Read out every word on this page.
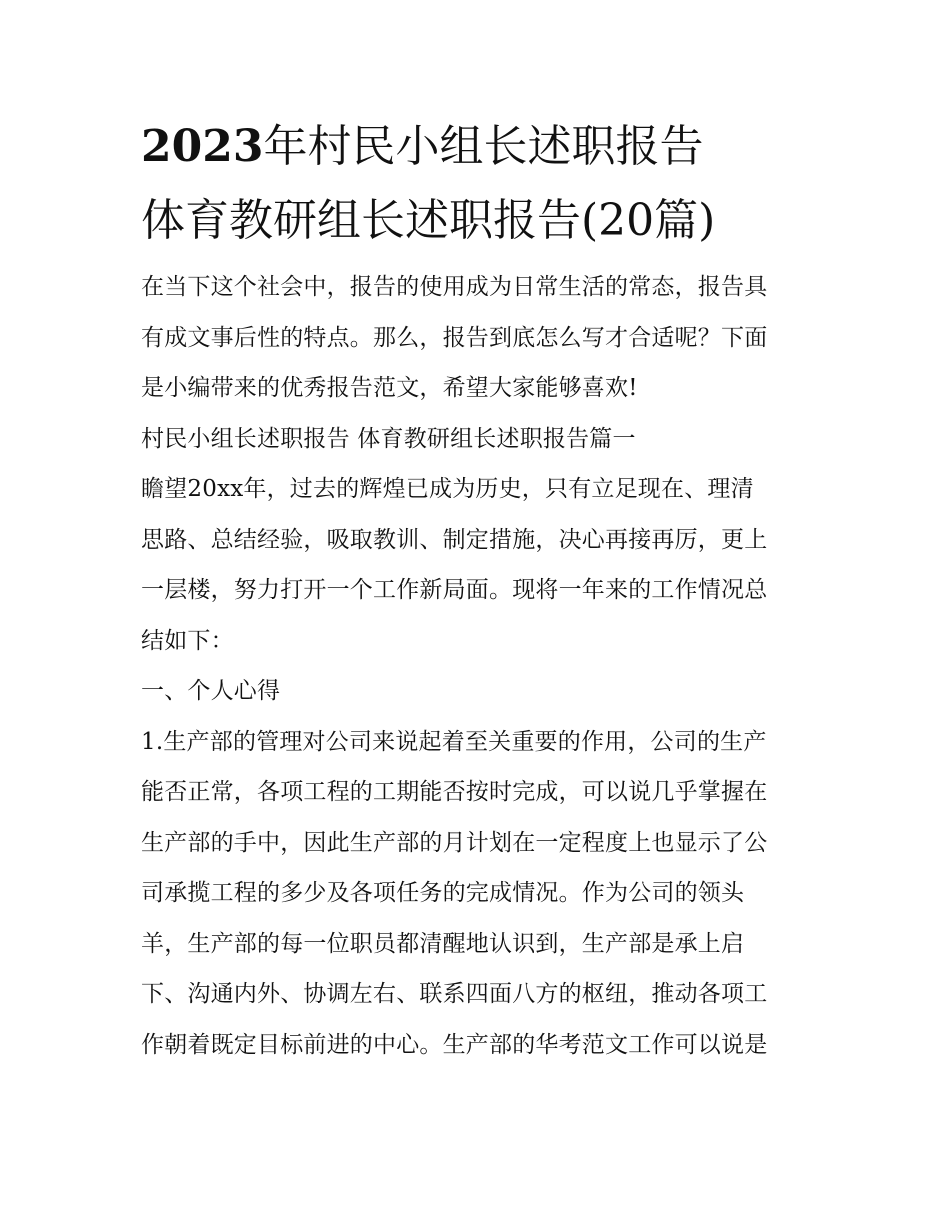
2023年村民小组长述职报告
体育教研组长述职报告(20篇)

在当下这个社会中，报告的使用成为日常生活的常态，报告具
有成文事后性的特点。那么，报告到底怎么写才合适呢？下面
是小编带来的优秀报告范文，希望大家能够喜欢!

村民小组长述职报告 体育教研组长述职报告篇一

瞻望20xx年，过去的辉煌已成为历史，只有立足现在、理清
思路、总结经验，吸取教训、制定措施，决心再接再厉，更上
一层楼，努力打开一个工作新局面。现将一年来的工作情况总
结如下：

一、个人心得

1.生产部的管理对公司来说起着至关重要的作用，公司的生产
能否正常，各项工程的工期能否按时完成，可以说几乎掌握在
生产部的手中，因此生产部的月计划在一定程度上也显示了公
司承揽工程的多少及各项任务的完成情况。作为公司的领头
羊，生产部的每一位职员都清醒地认识到，生产部是承上启
下、沟通内外、协调左右、联系四面八方的枢纽，推动各项工
作朝着既定目标前进的中心。生产部的华考范文工作可以说是
